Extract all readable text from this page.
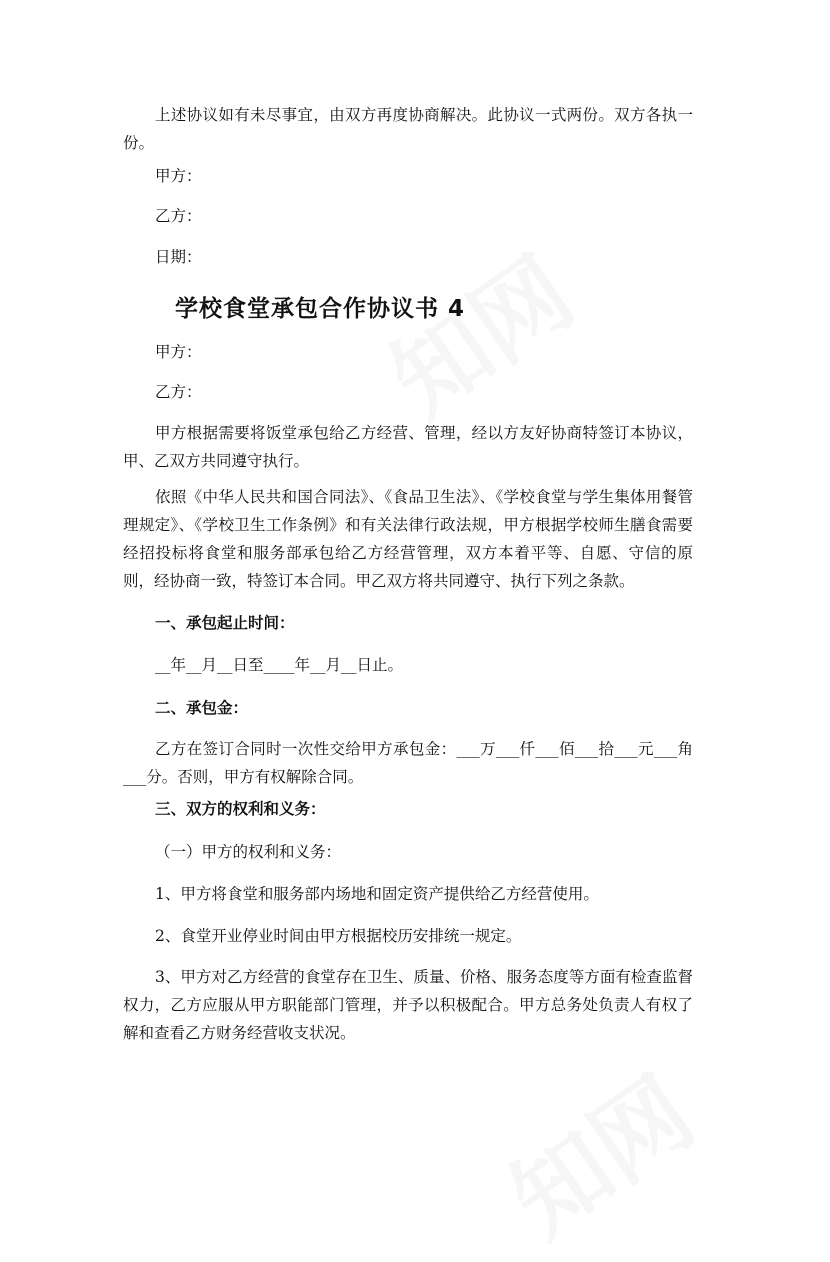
上述协议如有未尽事宜，由双方再度协商解决。此协议一式两份。双方各执一份。

甲方：

乙方：

日期：

学校食堂承包合作协议书 4

甲方：

乙方：

甲方根据需要将饭堂承包给乙方经营、管理，经以方友好协商特签订本协议，甲、乙双方共同遵守执行。

依照《中华人民共和国合同法》、《食品卫生法》、《学校食堂与学生集体用餐管理规定》、《学校卫生工作条例》和有关法律行政法规，甲方根据学校师生膳食需要经招投标将食堂和服务部承包给乙方经营管理，双方本着平等、自愿、守信的原则，经协商一致，特签订本合同。甲乙双方将共同遵守、执行下列之条款。

一、承包起止时间：

__年__月__日至____年__月__日止。

二、承包金：

乙方在签订合同时一次性交给甲方承包金：___万___仟___佰___拾___元___角___分。否则，甲方有权解除合同。

三、双方的权利和义务：

（一）甲方的权利和义务：

1、甲方将食堂和服务部内场地和固定资产提供给乙方经营使用。

2、食堂开业停业时间由甲方根据校历安排统一规定。

3、甲方对乙方经营的食堂存在卫生、质量、价格、服务态度等方面有检查监督权力，乙方应服从甲方职能部门管理，并予以积极配合。甲方总务处负责人有权了解和查看乙方财务经营收支状况。
